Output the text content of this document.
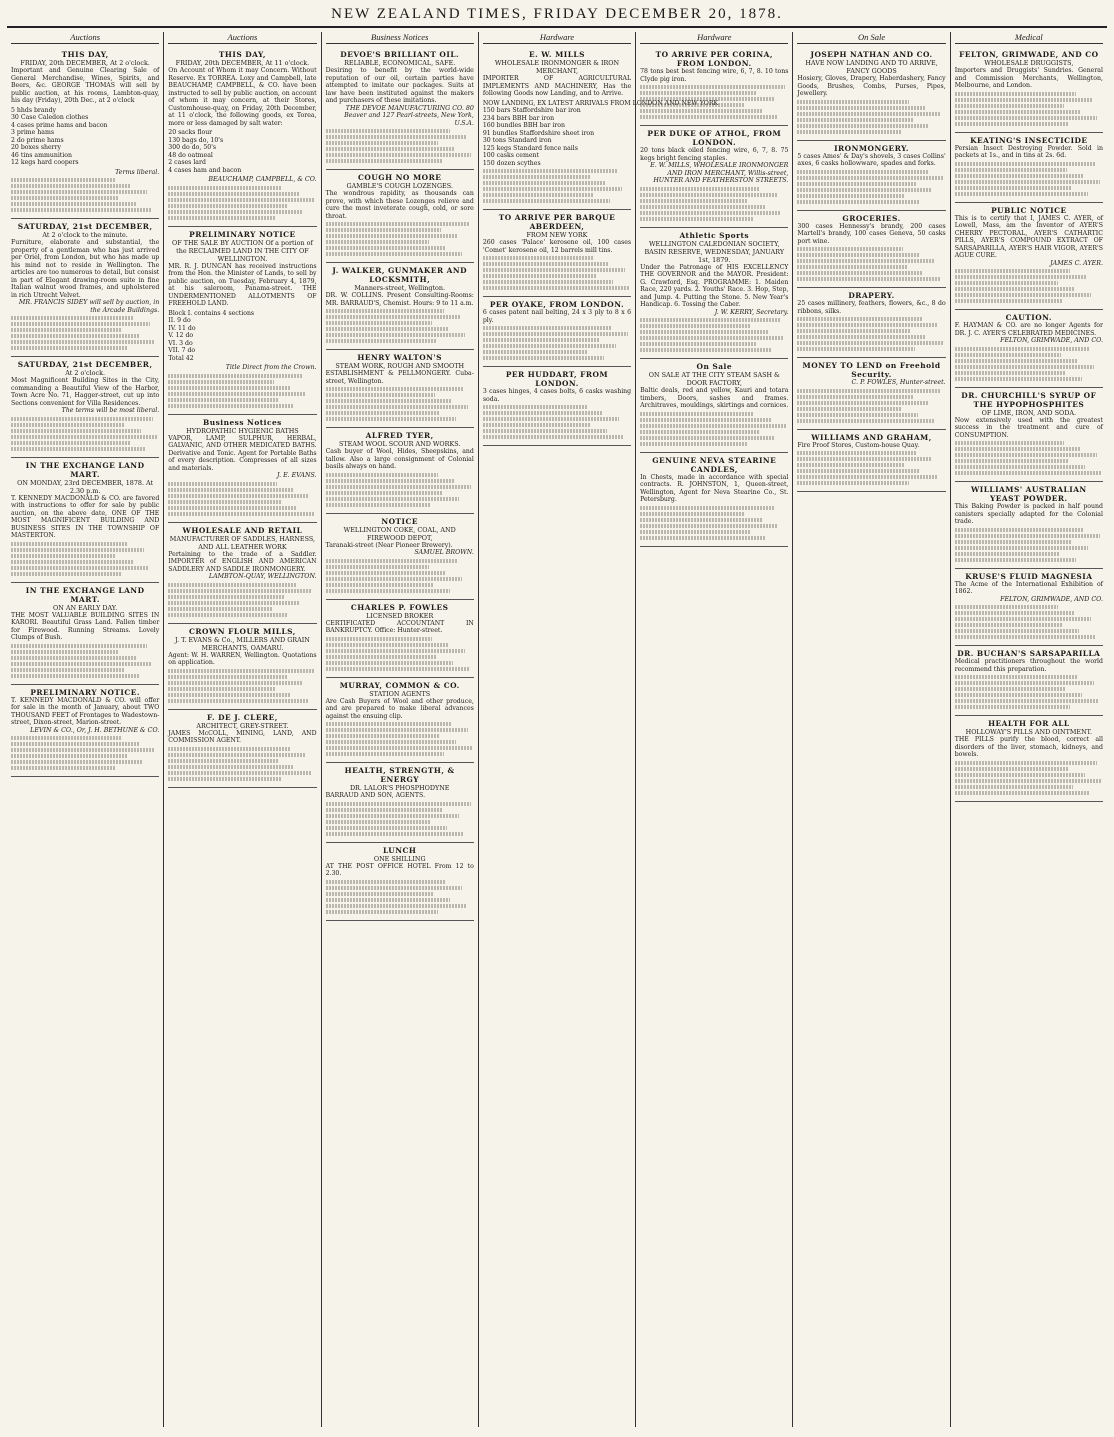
NEW ZEALAND TIMES, FRIDAY DECEMBER 20, 1878.
Auctions
THIS DAY,
FRIDAY, 20th DECEMBER, At 2 o'clock.
Important and Genuine Clearing Sale of General Merchandise, Wines, Spirits, and Beers, &c. GEORGE THOMAS will sell by public auction, at his rooms, Lambton-quay, his day (Friday), 20th Dec., at 2 o'clock
5 hhds brandy
30 Case Caledon clothes
4 cases prime hams and bacon
3 prime hams
2 do prime hams
20 boxes sherry
46 tins ammunition
12 kegs hard coopers
Terms liberal.
SATURDAY, 21st DECEMBER,
At 2 o'clock to the minute.
Furniture, elaborate and substantial, the property of a gentleman who has just arrived per Oriel, from London, but who has made up his mind not to reside in Wellington. The articles are too numerous to detail, but consist in part of Elegant drawing-room suite in fine Italian walnut wood frames, and upholstered in rich Utrecht Velvet.
MR. FRANCIS SIDEY will sell by auction, in the Arcade Buildings.
SATURDAY, 21st DECEMBER,
At 2 o'clock.
Most Magnificent Building Sites in the City, commanding a Beautiful View of the Harbor, Town Acre No. 71, Hagger-street, cut up into Sections convenient for Villa Residences.
The terms will be most liberal.
IN THE EXCHANGE LAND MART.
ON MONDAY, 23rd DECEMBER, 1878. At 2.30 p.m.
T. KENNEDY MACDONALD & CO. are favored with instructions to offer for sale by public auction, on the above date, ONE OF THE MOST MAGNIFICENT BUILDING AND BUSINESS SITES IN THE TOWNSHIP OF MASTERTON.
IN THE EXCHANGE LAND MART.
ON AN EARLY DAY.
THE MOST VALUABLE BUILDING SITES IN KARORI. Beautiful Grass Land. Fallen timber for Firewood. Running Streams. Lovely Clumps of Bush.
PRELIMINARY NOTICE.
T. KENNEDY MACDONALD & CO. will offer for sale in the month of January, about TWO THOUSAND FEET of Frontages to Wadestown-street, Dixon-street, Marion-street.
LEVIN & CO., Or, J. H. BETHUNE & CO.
Auctions
THIS DAY,
FRIDAY, 20th DECEMBER, At 11 o'clock.
On Account of Whom it may Concern. Without Reserve. Ex TORREA. Loxy and Campbell, late BEAUCHAMP, CAMPBELL, & CO. have been instructed to sell by public auction, on account of whom it may concern, at their Stores, Customhouse-quay, on Friday, 20th December, at 11 o'clock, the following goods, ex Torea, more or less damaged by salt water:
20 sacks flour
130 bags do, 10's
300 do do, 50's
48 do oatmeal
2 cases lard
4 cases ham and bacon
BEAUCHAMP, CAMPBELL, & CO.
PRELIMINARY NOTICE
OF THE SALE BY AUCTION Of a portion of the RECLAIMED LAND IN THE CITY OF WELLINGTON.
MR. R. J. DUNCAN has received instructions from the Hon. the Minister of Lands, to sell by public auction, on Tuesday, February 4, 1879, at his saleroom, Panama-street. THE UNDERMENTIONED ALLOTMENTS OF FREEHOLD LAND.
Block I. contains 4 sections
II. 9 do
IV. 11 do
V. 12 do
VI. 3 do
VII. 7 do
Total 42
Title Direct from the Crown.
Business Notices
HYDROPATHIC HYGIENIC BATHS
VAPOR, LAMP, SULPHUR, HERBAL, GALVANIC, AND OTHER MEDICATED BATHS. Derivative and Tonic. Agent for Portable Baths of every description. Compresses of all sizes and materials.
J. E. EVANS.
WHOLESALE AND RETAIL
MANUFACTURER OF SADDLES, HARNESS, AND ALL LEATHER WORK
Pertaining to the trade of a Saddler. IMPORTER of ENGLISH AND AMERICAN SADDLERY AND SADDLE IRONMONGERY.
LAMBTON-QUAY, WELLINGTON.
CROWN FLOUR MILLS,
J. T. EVANS & Co., MILLERS AND GRAIN MERCHANTS, OAMARU.
Agent: W. H. WARREN, Wellington. Quotations on application.
F. DE J. CLERE,
ARCHITECT, GREY-STREET.
JAMES McCOLL, MINING, LAND, AND COMMISSION AGENT.
Business Notices
DEVOE'S BRILLIANT OIL.
RELIABLE, ECONOMICAL, SAFE.
Desiring to benefit by the world-wide reputation of our oil, certain parties have attempted to imitate our packages. Suits at law have been instituted against the makers and purchasers of these imitations.
THE DEVOE MANUFACTURING CO. 80 Beaver and 127 Pearl-streets, New York, U.S.A.
COUGH NO MORE
GAMBLE'S COUGH LOZENGES.
The wondrous rapidity, as thousands can prove, with which these Lozenges relieve and cure the most inveterate cough, cold, or sore throat.
J. WALKER, GUNMAKER AND LOCKSMITH,
Manners-street, Wellington.
DR. W. COLLINS. Present Consulting-Rooms: MR. BARRAUD'S, Chemist. Hours: 9 to 11 a.m.
HENRY WALTON'S
STEAM WORK, ROUGH AND SMOOTH
ESTABLISHMENT & PELLMONGERY. Cuba-street, Wellington.
ALFRED TYER,
STEAM WOOL SCOUR AND WORKS.
Cash buyer of Wool, Hides, Sheepskins, and tallow. Also a large consignment of Colonial basils always on hand.
NOTICE
WELLINGTON COKE, COAL, AND FIREWOOD DEPOT,
Taranaki-street (Near Pioneer Brewery).
SAMUEL BROWN.
CHARLES P. FOWLES
LICENSED BROKER
CERTIFICATED ACCOUNTANT IN BANKRUPTCY. Office: Hunter-street.
MURRAY, COMMON & CO.
STATION AGENTS
Are Cash Buyers of Wool and other produce, and are prepared to make liberal advances against the ensuing clip.
HEALTH, STRENGTH, & ENERGY
DR. LALOR'S PHOSPHODYNE
BARRAUD AND SON, AGENTS.
LUNCH
ONE SHILLING
AT THE POST OFFICE HOTEL From 12 to 2.30.
Hardware
E. W. MILLS
WHOLESALE IRONMONGER & IRON MERCHANT,
IMPORTER OF AGRICULTURAL IMPLEMENTS AND MACHINERY, Has the following Goods now Landing, and to Arrive.
NOW LANDING, EX LATEST ARRIVALS FROM LONDON AND NEW YORK
150 bars Staffordshire bar iron
234 bars BBH bar iron
160 bundles BBH bar iron
91 bundles Staffordshire sheet iron
30 tons Standard iron
125 kegs Standard fence nails
100 casks cement
150 dozen scythes
TO ARRIVE PER BARQUE ABERDEEN,
FROM NEW YORK
260 cases 'Palace' kerosene oil, 100 cases 'Comet' kerosene oil, 12 barrels mill tins.
PER OYAKE, FROM LONDON.
6 cases patent nail belting, 24 x 3 ply to 8 x 6 ply.
PER HUDDART, FROM LONDON.
3 cases hinges, 4 cases bolts, 6 casks washing soda.
Hardware
TO ARRIVE PER CORINA, FROM LONDON.
78 tons best best fencing wire, 6, 7, 8. 10 tons Clyde pig iron.
PER DUKE OF ATHOL, FROM LONDON.
20 tons black oiled fencing wire, 6, 7, 8. 75 kegs bright fencing staples.
E. W. MILLS, WHOLESALE IRONMONGER AND IRON MERCHANT, Willis-street, HUNTER AND FEATHERSTON STREETS.
Athletic Sports
WELLINGTON CALEDONIAN SOCIETY, BASIN RESERVE, WEDNESDAY, JANUARY 1st, 1879.
Under the Patronage of HIS EXCELLENCY THE GOVERNOR and the MAYOR. President: G. Crawford, Esq. PROGRAMME: 1. Maiden Race, 220 yards. 2. Youths' Race. 3. Hop, Step, and Jump. 4. Putting the Stone. 5. New Year's Handicap. 6. Tossing the Caber.
J. W. KERRY, Secretary.
On Sale
ON SALE AT THE CITY STEAM SASH & DOOR FACTORY,
Baltic deals, red and yellow, Kauri and totara timbers, Doors, sashes and frames. Architraves, mouldings, skirtings and cornices.
GENUINE NEVA STEARINE CANDLES,
In Chests, made in accordance with special contracts. R. JOHNSTON, 1, Queen-street, Wellington, Agent for Neva Stearine Co., St. Petersburg.
On Sale
JOSEPH NATHAN AND CO.
HAVE NOW LANDING AND TO ARRIVE, FANCY GOODS
Hosiery, Gloves, Drapery, Haberdashery, Fancy Goods, Brushes, Combs, Purses, Pipes, Jewellery.
IRONMONGERY.
5 cases Ames' & Day's shovels, 3 cases Collins' axes, 6 casks hollowware, spades and forks.
GROCERIES.
300 cases Hennessy's brandy, 200 cases Martell's brandy, 100 cases Geneva, 50 casks port wine.
DRAPERY.
25 cases millinery, feathers, flowers, &c., 8 do ribbons, silks.
MONEY TO LEND on Freehold Security.
C. P. FOWLES, Hunter-street.
WILLIAMS AND GRAHAM,
Fire Proof Stores, Custom-house Quay.
Medical
FELTON, GRIMWADE, AND CO
WHOLESALE DRUGGISTS,
Importers and Druggists' Sundries. General and Commission Merchants, Wellington, Melbourne, and London.
KEATING'S INSECTICIDE
Persian Insect Destroying Powder. Sold in packets at 1s., and in tins at 2s. 6d.
PUBLIC NOTICE
This is to certify that I, JAMES C. AYER, of Lowell, Mass, am the Inventor of AYER'S CHERRY PECTORAL, AYER'S CATHARTIC PILLS, AYER'S COMPOUND EXTRACT OF SARSAPARILLA, AYER'S HAIR VIGOR, AYER'S AGUE CURE.
JAMES C. AYER.
CAUTION.
F. HAYMAN & CO. are no longer Agents for DR. J. C. AYER'S CELEBRATED MEDICINES.
FELTON, GRIMWADE, AND CO.
DR. CHURCHILL'S SYRUP OF THE HYPOPHOSPHITES
OF LIME, IRON, AND SODA.
Now extensively used with the greatest success in the treatment and cure of CONSUMPTION.
WILLIAMS' AUSTRALIAN YEAST POWDER.
This Baking Powder is packed in half pound canisters specially adapted for the Colonial trade.
KRUSE'S FLUID MAGNESIA
The Acme of the International Exhibition of 1862.
FELTON, GRIMWADE, AND CO.
DR. BUCHAN'S SARSAPARILLA
Medical practitioners throughout the world recommend this preparation.
HEALTH FOR ALL
HOLLOWAY'S PILLS AND OINTMENT.
THE PILLS purify the blood, correct all disorders of the liver, stomach, kidneys, and bowels.
